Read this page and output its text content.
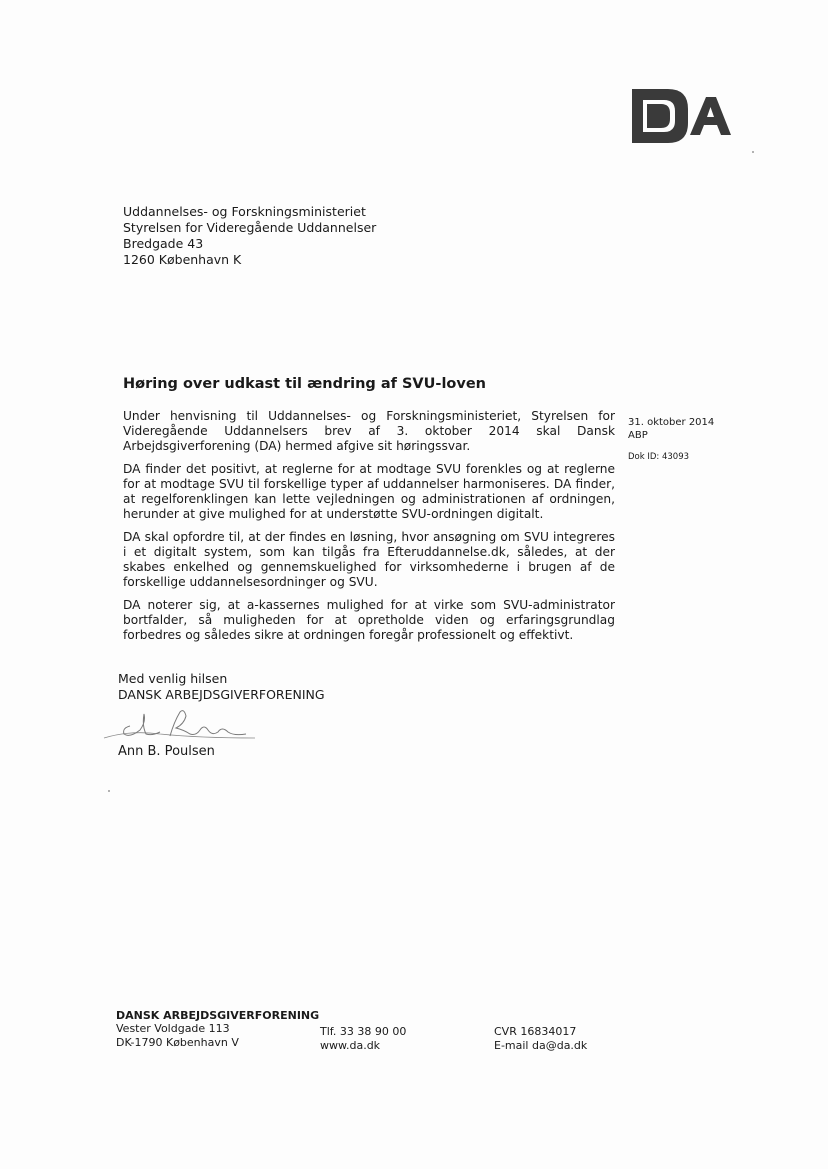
Uddannelses- og Forskningsministeriet
Styrelsen for Videregående Uddannelser
Bredgade 43
1260 København K
Høring over udkast til ændring af SVU-loven

Under henvisning til Uddannelses- og Forskningsministeriet, Styrelsen for Videregående Uddannelsers brev af 3. oktober 2014 skal Dansk Arbejdsgiverforening (DA) hermed afgive sit høringssvar.

DA finder det positivt, at reglerne for at modtage SVU forenkles og at reglerne for at modtage SVU til forskellige typer af uddannelser harmoniseres. DA finder, at regelforenklingen kan lette vejledningen og administrationen af ordningen, herunder at give mulighed for at understøtte SVU-ordningen digitalt.

DA skal opfordre til, at der findes en løsning, hvor ansøgning om SVU integreres i et digitalt system, som kan tilgås fra Efteruddannelse.dk, således, at der skabes enkelhed og gennemskuelighed for virksomhederne i brugen af de forskellige uddannelsesordninger og SVU.

DA noterer sig, at a-kassernes mulighed for at virke som SVU-administrator bortfalder, så muligheden for at opretholde viden og erfaringsgrundlag forbedres og således sikre at ordningen foregår professionelt og effektivt.

31. oktober 2014
ABP
Dok ID: 43093
Med venlig hilsen
DANSK ARBEJDSGIVERFORENING
Ann B. Poulsen
DANSK ARBEJDSGIVERFORENING
Vester Voldgade 113
DK-1790 København V
Tlf. 33 38 90 00
www.da.dk
CVR 16834017
E-mail da@da.dk
